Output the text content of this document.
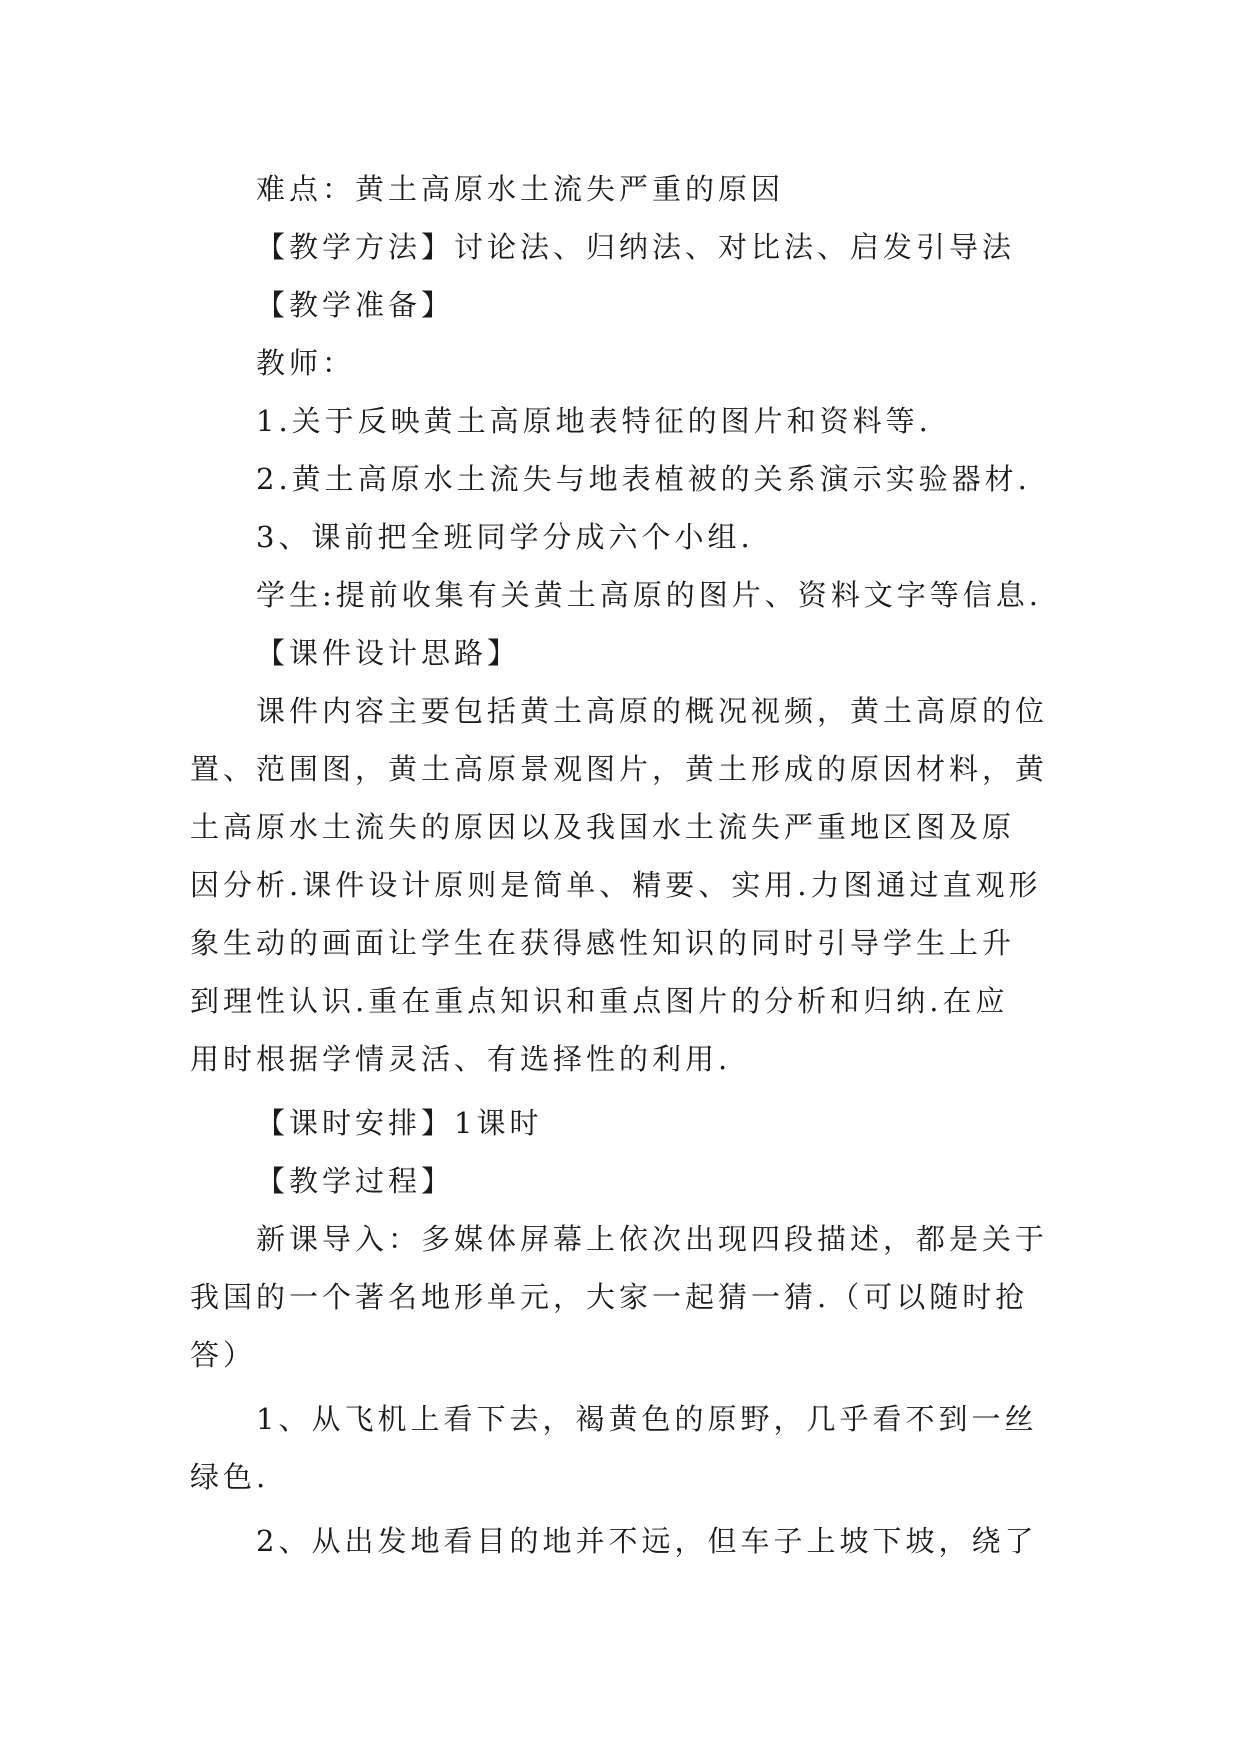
难点：黄土高原水土流失严重的原因
【教学方法】讨论法、归纳法、对比法、启发引导法
【教学准备】
教师：
1.关于反映黄土高原地表特征的图片和资料等.
2.黄土高原水土流失与地表植被的关系演示实验器材.
3、课前把全班同学分成六个小组.
学生:提前收集有关黄土高原的图片、资料文字等信息.
【课件设计思路】
课件内容主要包括黄土高原的概况视频，黄土高原的位
置、范围图，黄土高原景观图片，黄土形成的原因材料，黄
土高原水土流失的原因以及我国水土流失严重地区图及原
因分析.课件设计原则是简单、精要、实用.力图通过直观形
象生动的画面让学生在获得感性知识的同时引导学生上升
到理性认识.重在重点知识和重点图片的分析和归纳.在应
用时根据学情灵活、有选择性的利用.
【课时安排】1课时
【教学过程】
新课导入：多媒体屏幕上依次出现四段描述，都是关于
我国的一个著名地形单元，大家一起猜一猜.（可以随时抢
答）
1、从飞机上看下去，褐黄色的原野，几乎看不到一丝
绿色.
2、从出发地看目的地并不远，但车子上坡下坡，绕了
